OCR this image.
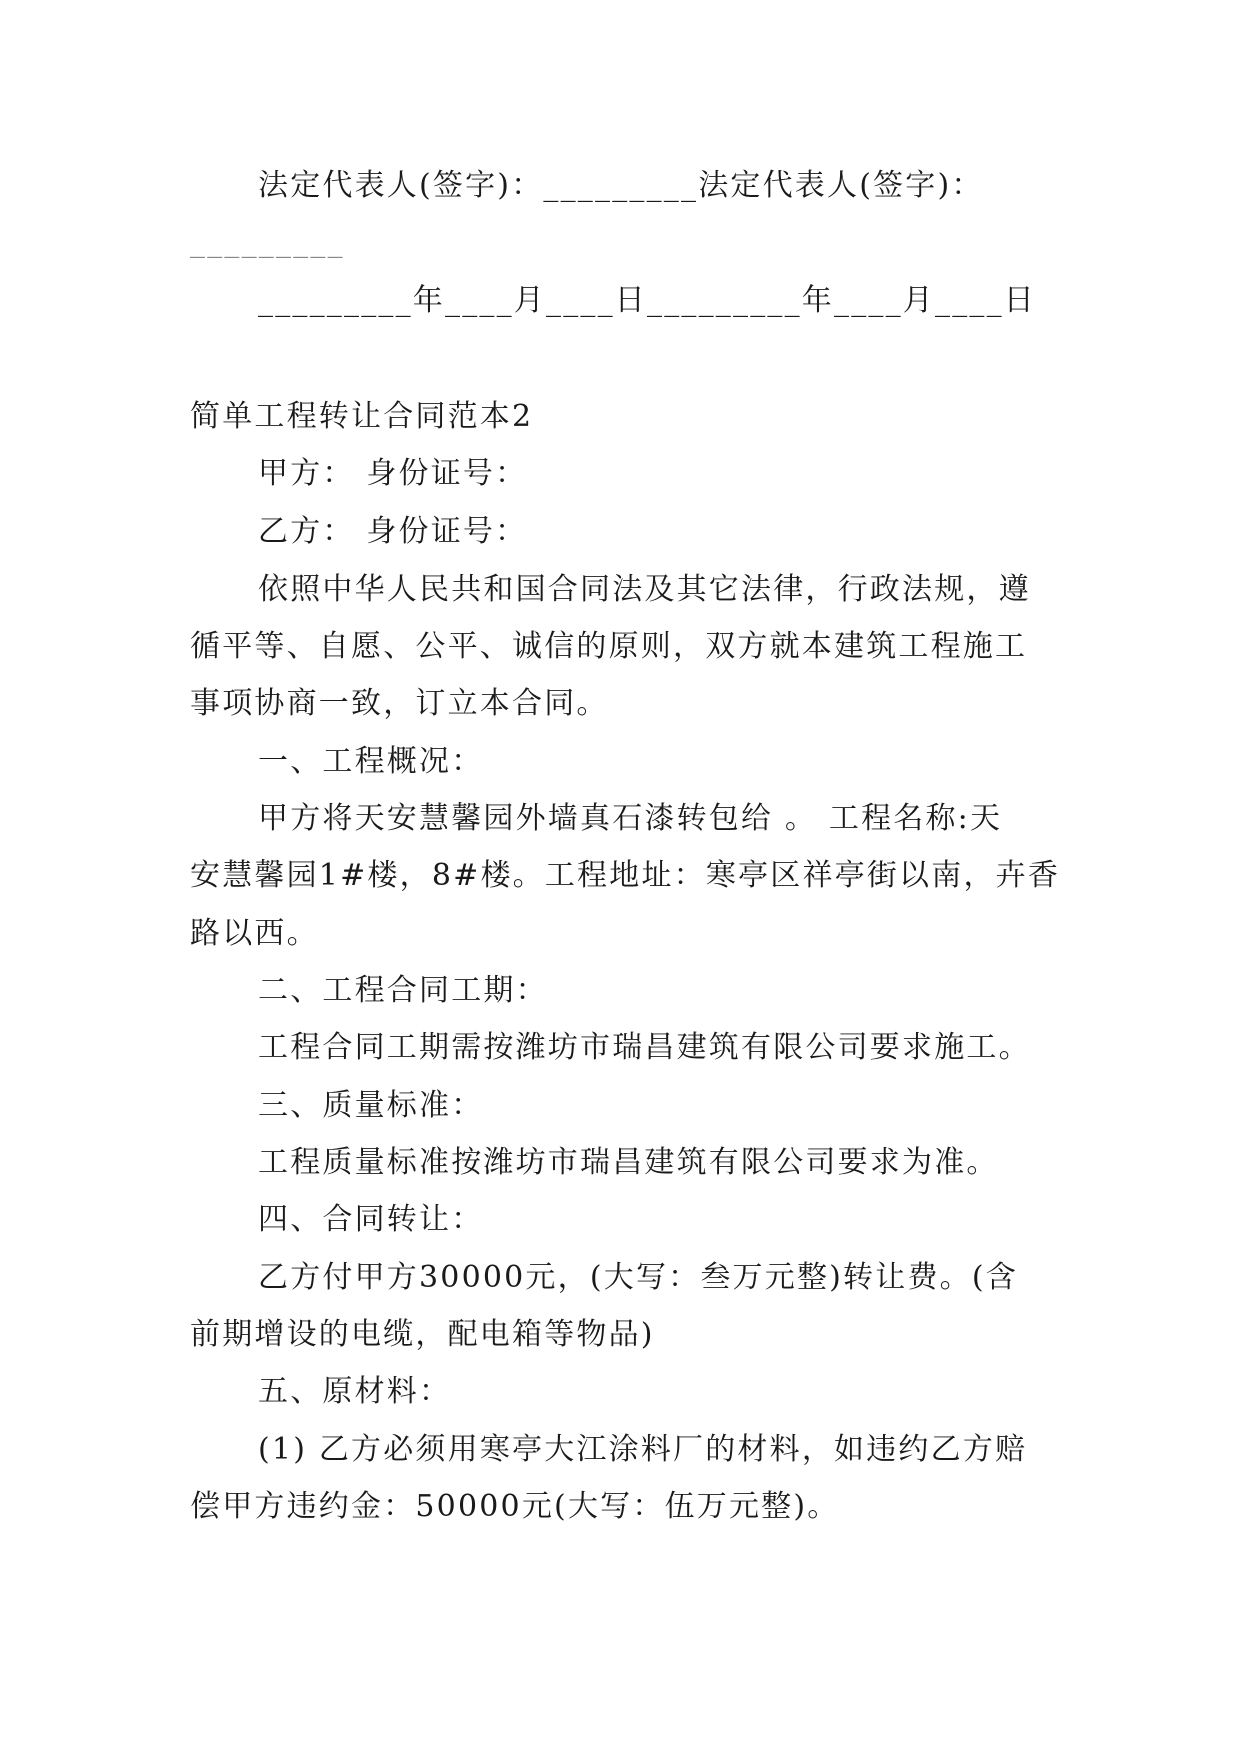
法定代表人(签字)：_________法定代表人(签字)：
_________
_________年____月____日_________年____月____日
简单工程转让合同范本2
甲方： 身份证号：
乙方： 身份证号：
依照中华人民共和国合同法及其它法律，行政法规，遵
循平等、自愿、公平、诚信的原则，双方就本建筑工程施工
事项协商一致，订立本合同。
一、工程概况：
甲方将天安慧馨园外墙真石漆转包给 。 工程名称:天
安慧馨园1#楼，8#楼。工程地址：寒亭区祥亭街以南，卉香
路以西。
二、工程合同工期：
工程合同工期需按潍坊市瑞昌建筑有限公司要求施工。
三、质量标准：
工程质量标准按潍坊市瑞昌建筑有限公司要求为准。
四、合同转让：
乙方付甲方30000元，(大写：叁万元整)转让费。(含
前期增设的电缆，配电箱等物品)
五、原材料：
(1) 乙方必须用寒亭大江涂料厂的材料，如违约乙方赔
偿甲方违约金：50000元(大写：伍万元整)。
